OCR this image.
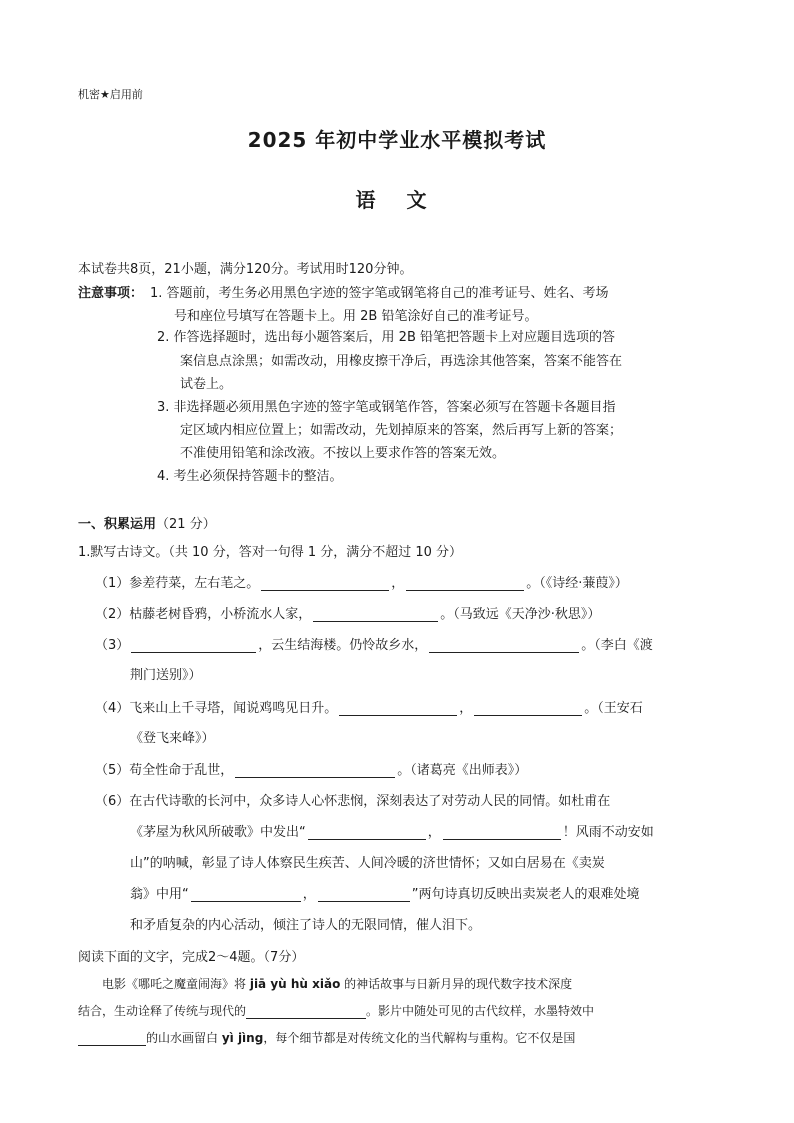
机密★启用前
2025 年初中学业水平模拟考试
语 文
本试卷共8页，21小题，满分120分。考试用时120分钟。
注意事项： 1. 答题前，考生务必用黑色字迹的签字笔或钢笔将自己的准考证号、姓名、考场
号和座位号填写在答题卡上。用 2B 铅笔涂好自己的准考证号。
2. 作答选择题时，选出每小题答案后，用 2B 铅笔把答题卡上对应题目选项的答
案信息点涂黑；如需改动，用橡皮擦干净后，再选涂其他答案，答案不能答在
试卷上。
3. 非选择题必须用黑色字迹的签字笔或钢笔作答，答案必须写在答题卡各题目指
定区域内相应位置上；如需改动，先划掉原来的答案，然后再写上新的答案；
不准使用铅笔和涂改液。不按以上要求作答的答案无效。
4. 考生必须保持答题卡的整洁。
一、积累运用（21 分）
1.默写古诗文。（共 10 分，答对一句得 1 分，满分不超过 10 分）
（1）参差荇菜，左右芼之。	，	。（《诗经·蒹葭》）
（2）枯藤老树昏鸦，小桥流水人家，	。（马致远《天净沙·秋思》）
（3）	，云生结海楼。仍怜故乡水，	。（李白《渡
荆门送别》）
（4）飞来山上千寻塔，闻说鸡鸣见日升。	，	。（王安石
《登飞来峰》）
（5）苟全性命于乱世，	。（诸葛亮《出师表》）
（6）在古代诗歌的长河中，众多诗人心怀悲悯，深刻表达了对劳动人民的同情。如杜甫在
《茅屋为秋风所破歌》中发出“	，	！风雨不动安如
山”的呐喊，彰显了诗人体察民生疾苦、人间冷暖的济世情怀；又如白居易在《卖炭
翁》中用“	，	”两句诗真切反映出卖炭老人的艰难处境
和矛盾复杂的内心活动，倾注了诗人的无限同情，催人泪下。
阅读下面的文字，完成2～4题。（7分）
电影《哪吒之魔童闹海》将 jiā yù hù xiǎo 的神话故事与日新月异的现代数字技术深度
结合，生动诠释了传统与现代的	。影片中随处可见的古代纹样，水墨特效中
的山水画留白 yì jìng，每个细节都是对传统文化的当代解构与重构。它不仅是国
